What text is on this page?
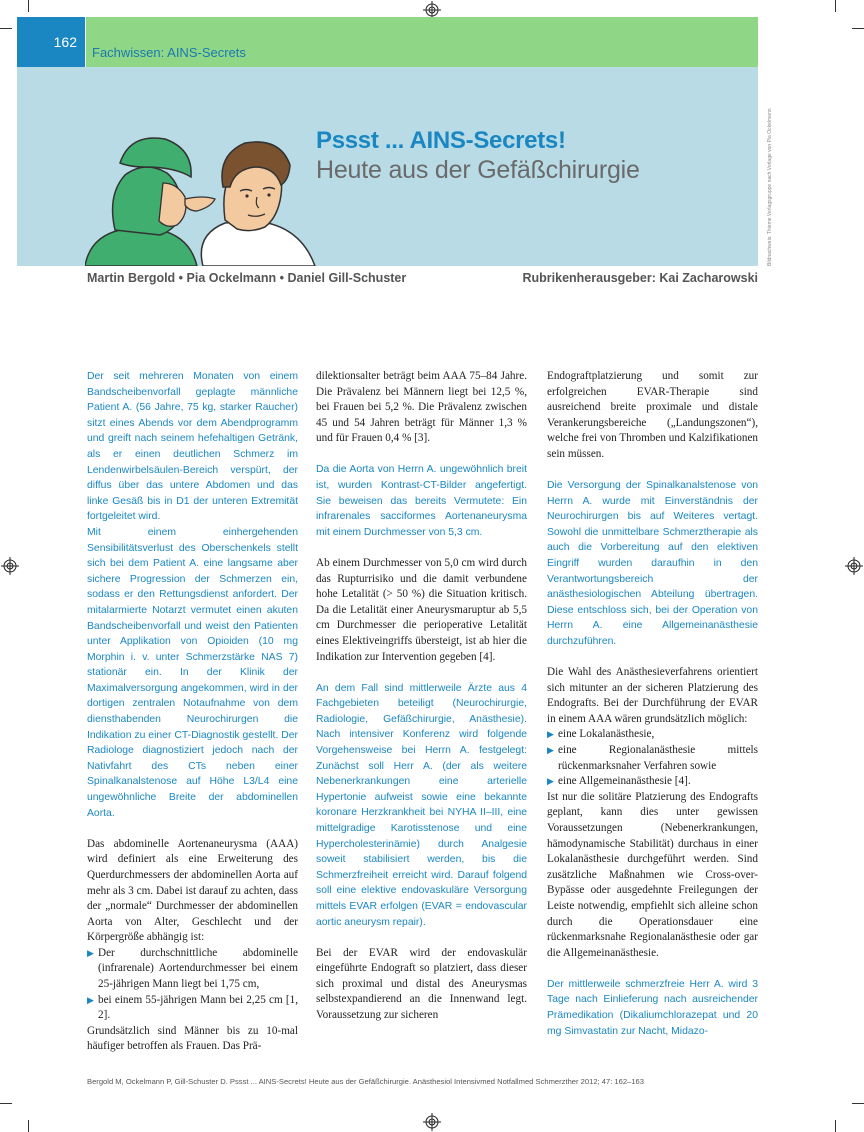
162
Fachwissen: AINS-Secrets
Pssst ... AINS-Secrets!
Heute aus der Gefäßchirurgie	Bildnachweis: Thieme Verlagsgruppe nach Vorlage von Pia Ockelmann
Martin Bergold • Pia Ockelmann • Daniel Gill-Schuster	Rubrikenherausgeber: Kai Zacharowski

Der seit mehreren Monaten von einem Bandscheibenvorfall geplagte männliche Patient A. (56 Jahre, 75 kg, starker Raucher) sitzt eines Abends vor dem Abendprogramm und greift nach seinem hefehaltigen Getränk, als er einen deutlichen Schmerz im Lendenwirbelsäulen-Bereich verspürt, der diffus über das untere Abdomen und das linke Gesäß bis in D1 der unteren Extremität fortgeleitet wird.

Mit einem einhergehenden Sensibilitätsverlust des Oberschenkels stellt sich bei dem Patient A. eine langsame aber sichere Progression der Schmerzen ein, sodass er den Rettungsdienst anfordert. Der mitalarmierte Notarzt vermutet einen akuten Bandscheibenvorfall und weist den Patienten unter Applikation von Opioiden (10 mg Morphin i. v. unter Schmerzstärke NAS 7) stationär ein. In der Klinik der Maximalversorgung angekommen, wird in der dortigen zentralen Notaufnahme von dem diensthabenden Neurochirurgen die Indikation zu einer CT-Diagnostik gestellt. Der Radiologe diagnostiziert jedoch nach der Nativfahrt des CTs neben einer Spinalkanalstenose auf Höhe L3/L4 eine ungewöhnliche Breite der abdominellen Aorta.

Das abdominelle Aortenaneurysma (AAA) wird definiert als eine Erweiterung des Querdurchmessers der abdominellen Aorta auf mehr als 3 cm. Dabei ist darauf zu achten, dass der „normale“ Durchmesser der abdominellen Aorta von Alter, Geschlecht und der Körpergröße abhängig ist:

▶ Der durchschnittliche abdominelle (infrarenale) Aortendurchmesser bei einem 25-jährigen Mann liegt bei 1,75 cm,
▶ bei einem 55-jährigen Mann bei 2,25 cm [1, 2].

Grundsätzlich sind Männer bis zu 10-mal häufiger betroffen als Frauen. Das Prä-

dilektionsalter beträgt beim AAA 75–84 Jahre. Die Prävalenz bei Männern liegt bei 12,5 %, bei Frauen bei 5,2 %. Die Prävalenz zwischen 45 und 54 Jahren beträgt für Männer 1,3 % und für Frauen 0,4 % [3].

Da die Aorta von Herrn A. ungewöhnlich breit ist, wurden Kontrast-CT-Bilder angefertigt. Sie beweisen das bereits Vermutete: Ein infrarenales sacciformes Aortenaneurysma mit einem Durchmesser von 5,3 cm.

Ab einem Durchmesser von 5,0 cm wird durch das Rupturrisiko und die damit verbundene hohe Letalität (> 50 %) die Situation kritisch. Da die Letalität einer Aneurysmaruptur ab 5,5 cm Durchmesser die perioperative Letalität eines Elektiveingriffs übersteigt, ist ab hier die Indikation zur Intervention gegeben [4].

An dem Fall sind mittlerweile Ärzte aus 4 Fachgebieten beteiligt (Neurochirurgie, Radiologie, Gefäßchirurgie, Anästhesie). Nach intensiver Konferenz wird folgende Vorgehensweise bei Herrn A. festgelegt: Zunächst soll Herr A. (der als weitere Nebenerkrankungen eine arterielle Hypertonie aufweist sowie eine bekannte koronare Herzkrankheit bei NYHA II–III, eine mittelgradige Karotisstenose und eine Hypercholesterinämie) durch Analgesie soweit stabilisiert werden, bis die Schmerzfreiheit erreicht wird. Darauf folgend soll eine elektive endovaskuläre Versorgung mittels EVAR erfolgen (EVAR = endovascular aortic aneurysm repair).

Bei der EVAR wird der endovaskulär eingeführte Endograft so platziert, dass dieser sich proximal und distal des Aneurysmas selbstexpandierend an die Innenwand legt. Voraussetzung zur sicheren

Endograftplatzierung und somit zur erfolgreichen EVAR-Therapie sind ausreichend breite proximale und distale Verankerungsbereiche („Landungszonen“), welche frei von Thromben und Kalzifikationen sein müssen.

Die Versorgung der Spinalkanalstenose von Herrn A. wurde mit Einverständnis der Neurochirurgen bis auf Weiteres vertagt. Sowohl die unmittelbare Schmerztherapie als auch die Vorbereitung auf den elektiven Eingriff wurden daraufhin in den Verantwortungsbereich der anästhesiologischen Abteilung übertragen. Diese entschloss sich, bei der Operation von Herrn A. eine Allgemeinanästhesie durchzuführen.

Die Wahl des Anästhesieverfahrens orientiert sich mitunter an der sicheren Platzierung des Endografts. Bei der Durchführung der EVAR in einem AAA wären grundsätzlich möglich:

▶ eine Lokalanästhesie,
▶ eine Regionalanästhesie mittels rückenmarksnaher Verfahren sowie
▶ eine Allgemeinanästhesie [4].

Ist nur die solitäre Platzierung des Endografts geplant, kann dies unter gewissen Voraussetzungen (Nebenerkrankungen, hämodynamische Stabilität) durchaus in einer Lokalanästhesie durchgeführt werden. Sind zusätzliche Maßnahmen wie Cross-over-Bypässe oder ausgedehnte Freilegungen der Leiste notwendig, empfiehlt sich alleine schon durch die Operationsdauer eine rückenmarksnahe Regionalanästhesie oder gar die Allgemeinanästhesie.

Der mittlerweile schmerzfreie Herr A. wird 3 Tage nach Einlieferung nach ausreichender Prämedikation (Dikaliumchlorazepat und 20 mg Simvastatin zur Nacht, Midazo-

Bergold M, Ockelmann P, Gill-Schuster D. Pssst ... AINS-Secrets! Heute aus der Gefäßchirurgie. Anästhesiol Intensivmed Notfallmed Schmerzther 2012; 47: 162–163
